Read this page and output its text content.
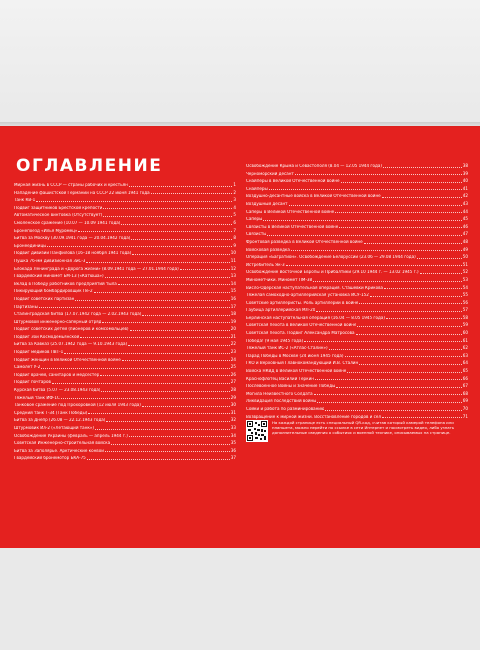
ОГЛАВЛЕНИЕ
Мирная жизнь в СССР — страны рабочих и крестьян	1
Нападение фашистской Германии на СССР 22 июня 1941 года	2
Танк КВ-1	3
Подвиг защитников Брестской крепости	4
Автоматическое винтовка (Отсутствует)	5
Смоленское сражение (10.07 — 10.09 1941 года)	6
Бронепоезд «Илья Муромец»	7
Битва за Москву (30.09.1941 года — 20.04.1942 года)	8
Бронеединицы	9
Подвиг дивизии Панфилова (16–18 ноября 1941 года)	10
Пушка 76-мм дивизионная ЗиС-3	11
Блокада Ленинграда и «Дорога жизни» (8.09.1941 года — 27.01.1944 года)	12
Гвардейский миномет БМ-13 («Катюша»)	13
Вклад в Победу работников предприятий тыла	14
Пикирующий бомбардировщик Пе-2	15
Подвиг советских партизан	16
Партизаны	17
Сталинградская битва (17.07.1942 года — 2.02.1943 года)	18
Штурмовой инженерно-саперный отряд	19
Подвиг советских детей (пионеров и комсомольцев)	20
Подвиг Зои Космодемьянской	21
Битва за Кавказ (25.07.1942 года — 9.10.1943 года)	22
Подвиг медиков ПВТ-1	23
Подвиг женщин в Великой Отечественной войне	24
Самолет У-2	25
Подвиг врачей, санитаров и медсестер	26
Подвиг почтаров	27
Курская битва (5.07 — 23.08.1943 года)	28
Тяжелый танк ИФ-1С	29
Танковое сражение под Прохоровкой (12 июля 1943 года)	30
Средний танк Т-34 (Танк Победы)	31
Битва за Днепр (26.08 — 22.12.1943 года)	32
Штурмовик Ил-2 («Летающий танк»)	33
Освобождение Украины (февраль — апрель 1944 г.)	34
Советская Инженерно-строительная войска	35
Битва за Заполярье. Арктические конвои	36
Гвардейский бронемотор БКА-75	37
Освобождение Крыма и Севастополя (8.04 — 12.05 1944 года)	38
Черноморский десант	39
Снайперы в Великой Отечественной войне	40
Снайперы	41
Воздушно-десантные войска в Великой Отечественной войне	42
Воздушный десант	43
Саперы в Великой Отечественной войне	44
Саперы	45
Связисты в Великой Отечественной войне	46
Связисты	47
Фронтовая разведка в Великой Отечественной войне	48
Войсковая разведка	49
Операция «Багратион». Освобождение Белоруссии (23.06 — 29.08 1944 года)	50
Истребитель Як-3	51
Освобождение Восточной Европы и Прибалтики (29.10 1944 г. — 13.02 1945 г.)	52
Минометчики. Миномет ПМ-38	53
Висло-Одерская наступательная операция. Сташевки Крикова	54
Тяжелая самоходно-артиллерийская установка ИСУ-152	55
Советские артиллеристы. Роль артиллерии в войне	56
Гаубица артиллерийская МЛ-20	57
Берлинская наступательная операция (16.04 — 8.05 1945 года)	58
Советская пехота в Великой Отечественной войне	59
Советская пехота. Подвиг Александра Матросова	60
Победа! (9 мая 1945 года)	61
Тяжелый танк ИС-2 («Атлас-Сталин»)	62
Парад Победы в Москве (24 июня 1945 года)	63
ГКО и Верховный Главнокомандующий И.В. Сталин	64
Войска НКВД в Великой Отечественной войне	65
Краснофлотец Василий Теркин	66
Послевоенное Войны и значение Победы	67
Могила Неизвестного Солдата	68
Ликвидация последствий войны	69
Сойки и работа по разминированию	70
Возвращение к мирной жизни. Восстановление городов и сёл	71
На каждой странице есть специальный QR-код, считав который камерой телефона или планшета, можно перейти по ссылке в сети Интернет и посмотреть видео, либо узнать дополнительные сведения о событиях и военной технике, описываемых на странице.
